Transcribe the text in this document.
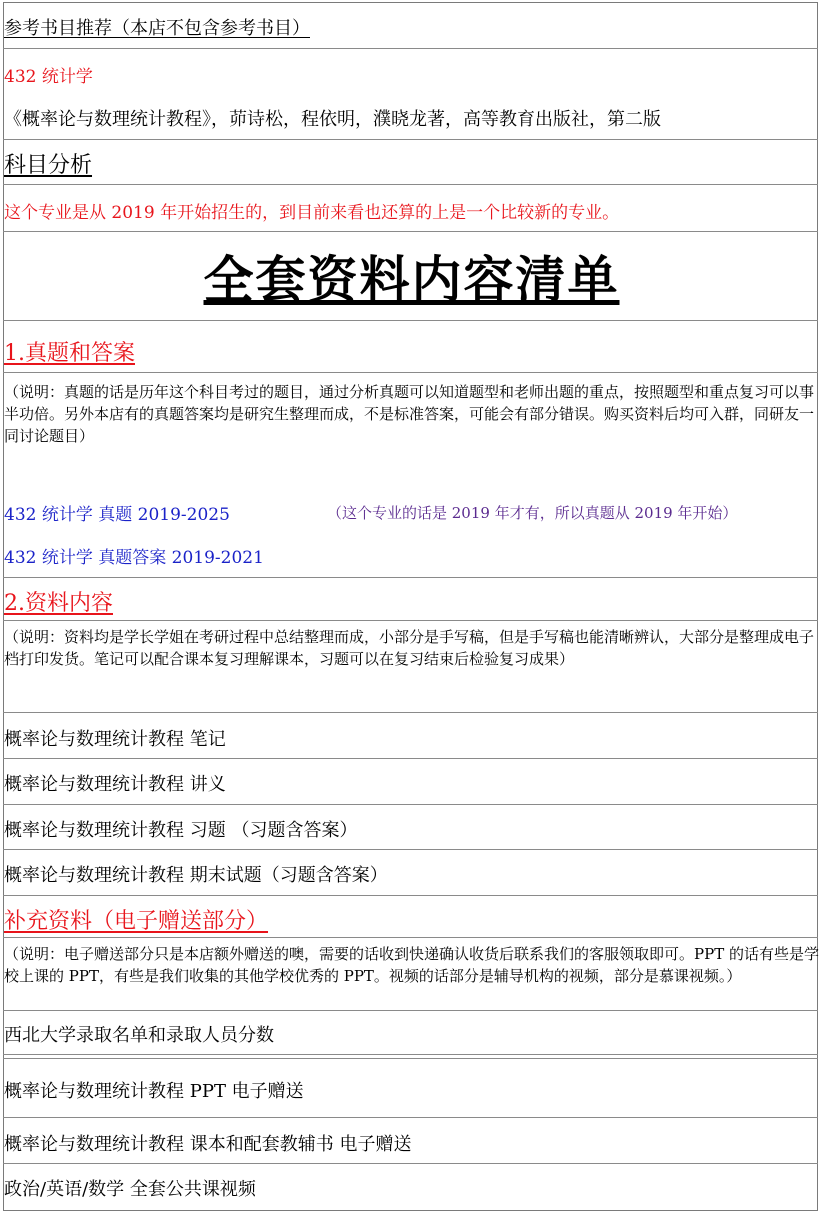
参考书目推荐（本店不包含参考书目）
432 统计学
《概率论与数理统计教程》，茆诗松，程依明，濮晓龙著，高等教育出版社，第二版
科目分析
这个专业是从 2019 年开始招生的，到目前来看也还算的上是一个比较新的专业。
全套资料内容清单
1.真题和答案
（说明：真题的话是历年这个科目考过的题目，通过分析真题可以知道题型和老师出题的重点，按照题型和重点复习可以事半功倍。另外本店有的真题答案均是研究生整理而成，不是标准答案，可能会有部分错误。购买资料后均可入群，同研友一同讨论题目）
432 统计学 真题 2019-2025	（这个专业的话是 2019 年才有，所以真题从 2019 年开始）
432 统计学 真题答案 2019-2021
2.资料内容
（说明：资料均是学长学姐在考研过程中总结整理而成，小部分是手写稿，但是手写稿也能清晰辨认，大部分是整理成电子档打印发货。笔记可以配合课本复习理解课本，习题可以在复习结束后检验复习成果）
概率论与数理统计教程 笔记
概率论与数理统计教程 讲义
概率论与数理统计教程 习题 （习题含答案）
概率论与数理统计教程 期末试题（习题含答案）
补充资料（电子赠送部分）
（说明：电子赠送部分只是本店额外赠送的噢，需要的话收到快递确认收货后联系我们的客服领取即可。PPT 的话有些是学校上课的 PPT，有些是我们收集的其他学校优秀的 PPT。视频的话部分是辅导机构的视频，部分是慕课视频。）
西北大学录取名单和录取人员分数
概率论与数理统计教程 PPT 电子赠送
概率论与数理统计教程 课本和配套教辅书 电子赠送
政治/英语/数学 全套公共课视频
